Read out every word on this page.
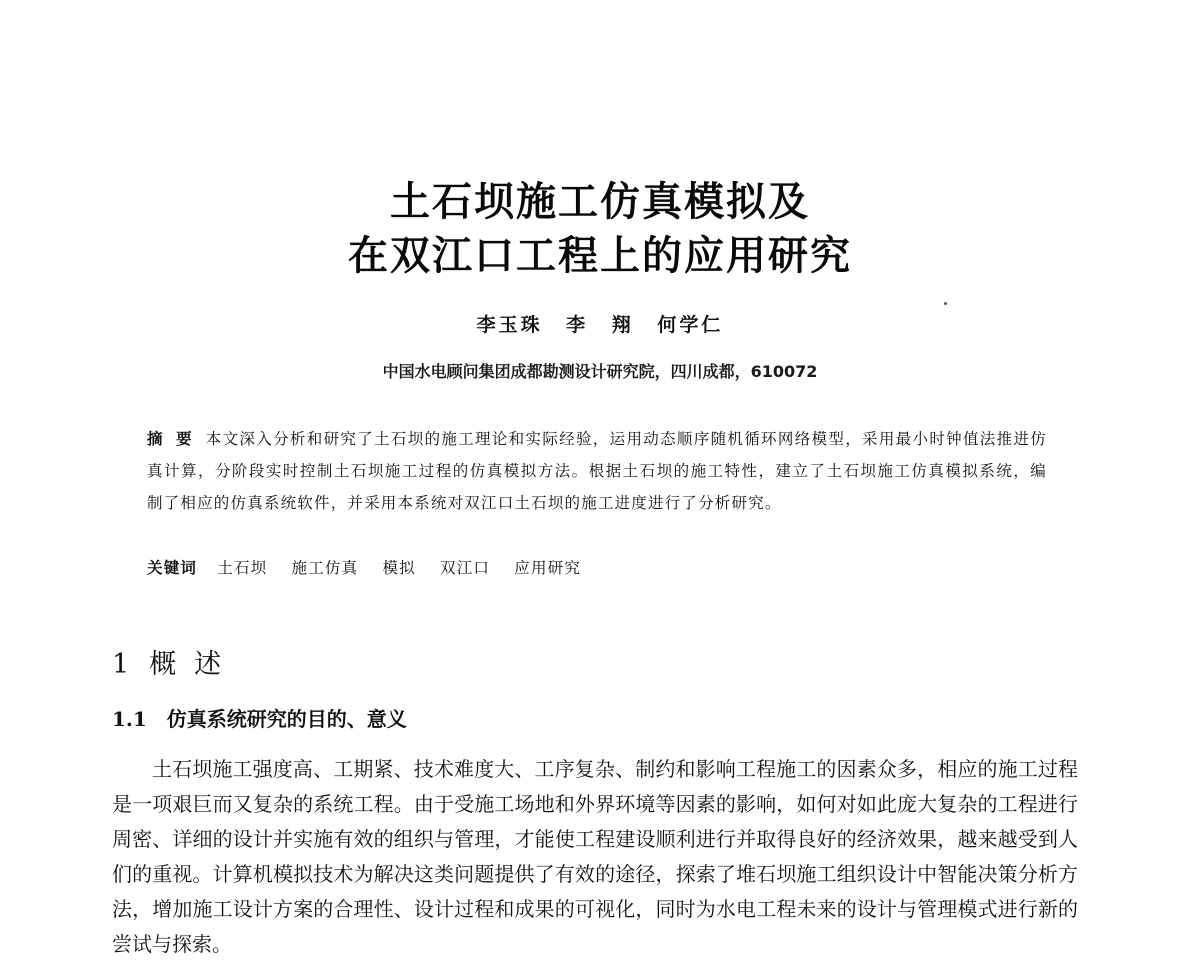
土石坝施工仿真模拟及
在双江口工程上的应用研究
李玉珠 李 翔 何学仁
中国水电顾问集团成都勘测设计研究院，四川成都，610072
摘 要 本文深入分析和研究了土石坝的施工理论和实际经验，运用动态顺序随机循环网络模型，采用最小时钟值法推进仿真计算，分阶段实时控制土石坝施工过程的仿真模拟方法。根据土石坝的施工特性，建立了土石坝施工仿真模拟系统，编制了相应的仿真系统软件，并采用本系统对双江口土石坝的施工进度进行了分析研究。
关键词 土石坝 施工仿真 模拟 双江口 应用研究
1 概述
1.1 仿真系统研究的目的、意义
土石坝施工强度高、工期紧、技术难度大、工序复杂、制约和影响工程施工的因素众多，相应的施工过程是一项艰巨而又复杂的系统工程。由于受施工场地和外界环境等因素的影响，如何对如此庞大复杂的工程进行周密、详细的设计并实施有效的组织与管理，才能使工程建设顺利进行并取得良好的经济效果，越来越受到人们的重视。计算机模拟技术为解决这类问题提供了有效的途径，探索了堆石坝施工组织设计中智能决策分析方法，增加施工设计方案的合理性、设计过程和成果的可视化，同时为水电工程未来的设计与管理模式进行新的尝试与探索。
